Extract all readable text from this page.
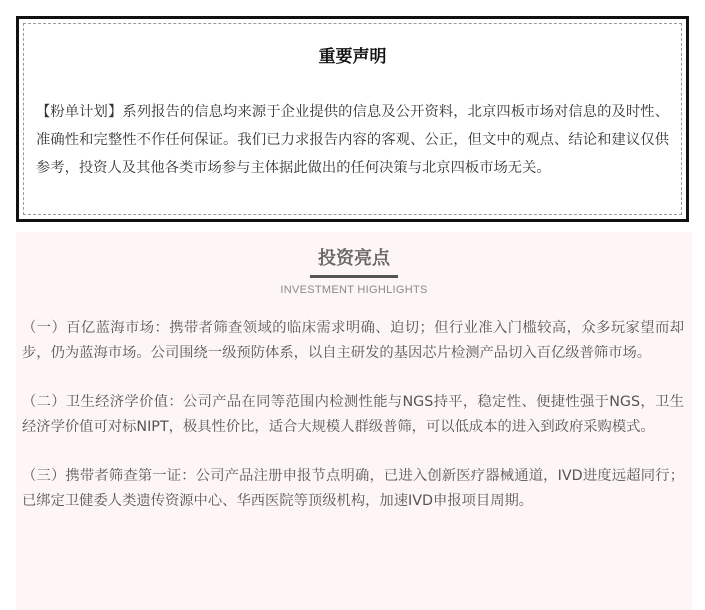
重要声明

【粉单计划】系列报告的信息均来源于企业提供的信息及公开资料，北京四板市场对信息的及时性、准确性和完整性不作任何保证。我们已力求报告内容的客观、公正，但文中的观点、结论和建议仅供参考，投资人及其他各类市场参与主体据此做出的任何决策与北京四板市场无关。

投资亮点
INVESTMENT HIGHLIGHTS

（一）百亿蓝海市场：携带者筛查领域的临床需求明确、迫切；但行业准入门槛较高，众多玩家望而却步，仍为蓝海市场。公司围绕一级预防体系，以自主研发的基因芯片检测产品切入百亿级普筛市场。

（二）卫生经济学价值：公司产品在同等范围内检测性能与NGS持平，稳定性、便捷性强于NGS，卫生经济学价值可对标NIPT，极具性价比，适合大规模人群级普筛，可以低成本的进入到政府采购模式。

（三）携带者筛查第一证：公司产品注册申报节点明确，已进入创新医疗器械通道，IVD进度远超同行；已绑定卫健委人类遗传资源中心、华西医院等顶级机构，加速IVD申报项目周期。
